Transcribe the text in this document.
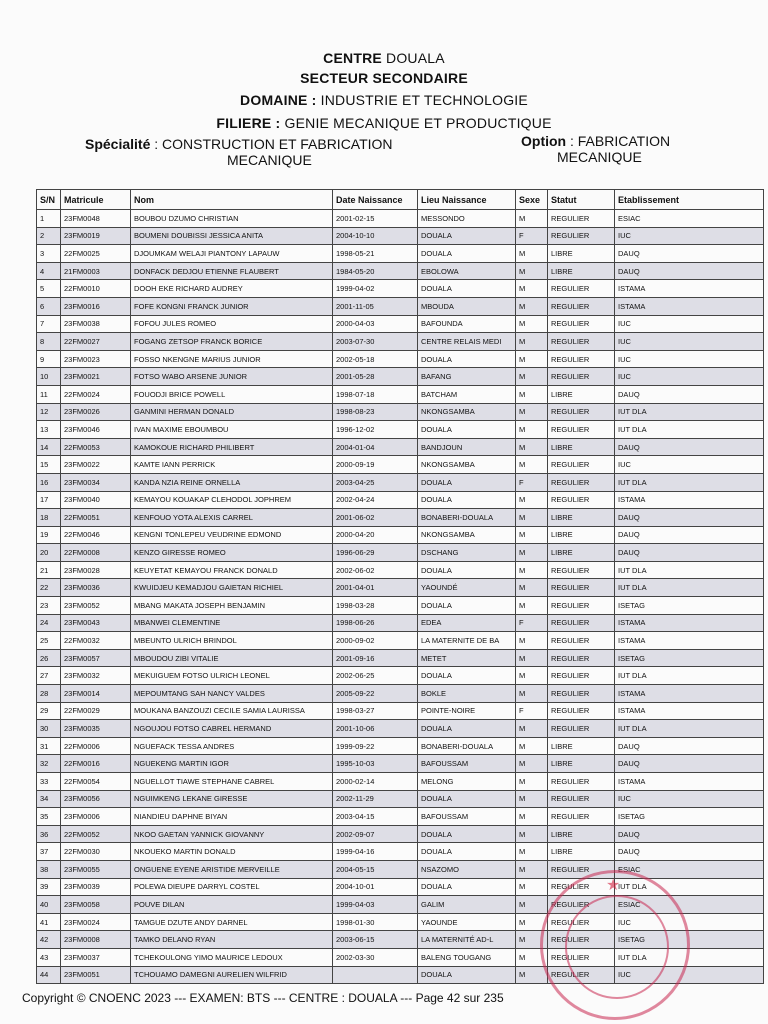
CENTRE DOUALA
SECTEUR SECONDAIRE
DOMAINE : INDUSTRIE ET TECHNOLOGIE
FILIERE : GENIE MECANIQUE ET PRODUCTIQUE
Spécialité : CONSTRUCTION ET FABRICATION
MECANIQUE
Option : FABRICATION
MECANIQUE
S/N	Matricule	Nom	Date Naissance	Lieu Naissance	Sexe	Statut	Etablissement
1	23FM0048	BOUBOU DZUMO CHRISTIAN	2001-02-15	MESSONDO	M	REGULIER	ESIAC
2	23FM0019	BOUMENI DOUBISSI JESSICA ANITA	2004-10-10	DOUALA	F	REGULIER	IUC
3	22FM0025	DJOUMKAM WELAJI PIANTONY LAPAUW	1998-05-21	DOUALA	M	LIBRE	DAUQ
4	21FM0003	DONFACK DEDJOU ETIENNE FLAUBERT	1984-05-20	EBOLOWA	M	LIBRE	DAUQ
5	22FM0010	DOOH EKE RICHARD AUDREY	1999-04-02	DOUALA	M	REGULIER	ISTAMA
6	23FM0016	FOFE KONGNI FRANCK JUNIOR	2001-11-05	MBOUDA	M	REGULIER	ISTAMA
7	23FM0038	FOFOU JULES ROMEO	2000-04-03	BAFOUNDA	M	REGULIER	IUC
8	22FM0027	FOGANG ZETSOP FRANCK BORICE	2003-07-30	CENTRE RELAIS MEDI	M	REGULIER	IUC
9	23FM0023	FOSSO NKENGNE MARIUS JUNIOR	2002-05-18	DOUALA	M	REGULIER	IUC
10	23FM0021	FOTSO WABO ARSENE JUNIOR	2001-05-28	BAFANG	M	REGULIER	IUC
11	22FM0024	FOUODJI BRICE POWELL	1998-07-18	BATCHAM	M	LIBRE	DAUQ
12	23FM0026	GANMINI HERMAN DONALD	1998-08-23	NKONGSAMBA	M	REGULIER	IUT DLA
13	23FM0046	IVAN MAXIME EBOUMBOU	1996-12-02	DOUALA	M	REGULIER	IUT DLA
14	22FM0053	KAMOKOUE RICHARD PHILIBERT	2004-01-04	BANDJOUN	M	LIBRE	DAUQ
15	23FM0022	KAMTE IANN PERRICK	2000-09-19	NKONGSAMBA	M	REGULIER	IUC
16	23FM0034	KANDA NZIA REINE ORNELLA	2003-04-25	DOUALA	F	REGULIER	IUT DLA
17	23FM0040	KEMAYOU KOUAKAP CLEHODOL JOPHREM	2002-04-24	DOUALA	M	REGULIER	ISTAMA
18	22FM0051	KENFOUO YOTA ALEXIS CARREL	2001-06-02	BONABERI-DOUALA	M	LIBRE	DAUQ
19	22FM0046	KENGNI TONLEPEU VEUDRINE EDMOND	2000-04-20	NKONGSAMBA	M	LIBRE	DAUQ
20	22FM0008	KENZO GIRESSE ROMEO	1996-06-29	DSCHANG	M	LIBRE	DAUQ
21	23FM0028	KEUYETAT KEMAYOU FRANCK DONALD	2002-06-02	DOUALA	M	REGULIER	IUT DLA
22	23FM0036	KWUIDJEU KEMADJOU GAIETAN RICHIEL	2001-04-01	YAOUNDÉ	M	REGULIER	IUT DLA
23	23FM0052	MBANG MAKATA JOSEPH BENJAMIN	1998-03-28	DOUALA	M	REGULIER	ISETAG
24	23FM0043	MBANWEI CLEMENTINE	1998-06-26	EDEA	F	REGULIER	ISTAMA
25	22FM0032	MBEUNTO ULRICH BRINDOL	2000-09-02	LA MATERNITE DE BA	M	REGULIER	ISTAMA
26	23FM0057	MBOUDOU ZIBI VITALIE	2001-09-16	METET	M	REGULIER	ISETAG
27	23FM0032	MEKUIGUEM FOTSO ULRICH LEONEL	2002-06-25	DOUALA	M	REGULIER	IUT DLA
28	23FM0014	MEPOUMTANG SAH NANCY VALDES	2005-09-22	BOKLE	M	REGULIER	ISTAMA
29	22FM0029	MOUKANA BANZOUZI CECILE SAMIA LAURISSA	1998-03-27	POINTE-NOIRE	F	REGULIER	ISTAMA
30	23FM0035	NGOUJOU FOTSO CABREL HERMAND	2001-10-06	DOUALA	M	REGULIER	IUT DLA
31	22FM0006	NGUEFACK TESSA ANDRES	1999-09-22	BONABERI-DOUALA	M	LIBRE	DAUQ
32	22FM0016	NGUEKENG MARTIN IGOR	1995-10-03	BAFOUSSAM	M	LIBRE	DAUQ
33	22FM0054	NGUELLOT TIAWE STEPHANE CABREL	2000-02-14	MELONG	M	REGULIER	ISTAMA
34	23FM0056	NGUIMKENG LEKANE GIRESSE	2002-11-29	DOUALA	M	REGULIER	IUC
35	23FM0006	NIANDIEU DAPHNE BIYAN	2003-04-15	BAFOUSSAM	M	REGULIER	ISETAG
36	22FM0052	NKOO GAETAN YANNICK GIOVANNY	2002-09-07	DOUALA	M	LIBRE	DAUQ
37	22FM0030	NKOUEKO MARTIN DONALD	1999-04-16	DOUALA	M	LIBRE	DAUQ
38	23FM0055	ONGUENE EYENE ARISTIDE MERVEILLE	2004-05-15	NSAZOMO	M	REGULIER	ESIAC
39	23FM0039	POLEWA DIEUPE DARRYL COSTEL	2004-10-01	DOUALA	M	REGULIER	IUT DLA
40	23FM0058	POUVE DILAN	1999-04-03	GALIM	M	REGULIER	ESIAC
41	23FM0024	TAMGUE DZUTE ANDY DARNEL	1998-01-30	YAOUNDE	M	REGULIER	IUC
42	23FM0008	TAMKO DELANO RYAN	2003-06-15	LA MATERNITÉ AD-L	M	REGULIER	ISETAG
43	23FM0037	TCHEKOULONG YIMO MAURICE LEDOUX	2002-03-30	BALENG TOUGANG	M	REGULIER	IUT DLA
44	23FM0051	TCHOUAMO DAMEGNI AURELIEN WILFRID		DOUALA	M	REGULIER	IUC
Copyright © CNOENC 2023 --- EXAMEN: BTS --- CENTRE : DOUALA --- Page 42 sur 235
★
